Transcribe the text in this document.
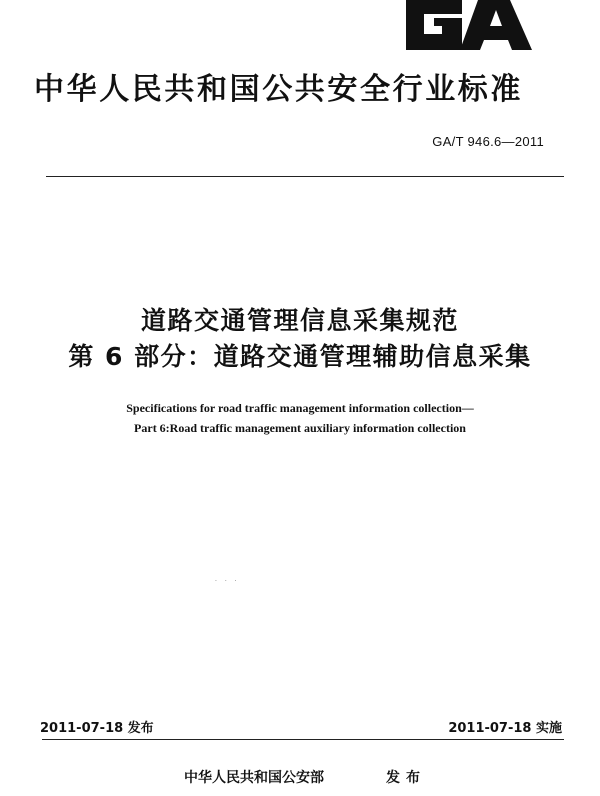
中华人民共和国公共安全行业标准
GA/T 946.6—2011
道路交通管理信息采集规范
第 6 部分：道路交通管理辅助信息采集
Specifications for road traffic management information collection—
Part 6:Road traffic management auxiliary information collection
· · ·
2011-07-18 发布	2011-07-18 实施
中华人民共和国公安部	发布
